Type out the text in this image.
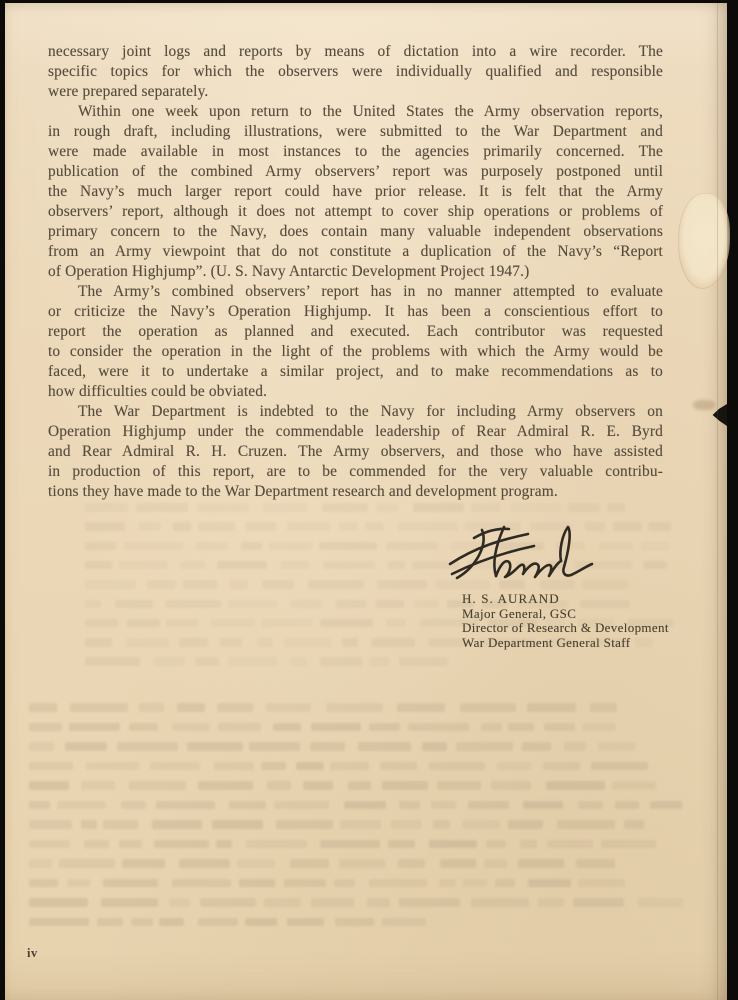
necessary joint logs and reports by means of dictation into a wire recorder. The
specific topics for which the observers were individually qualified and responsible
were prepared separately.
Within one week upon return to the United States the Army observation reports,
in rough draft, including illustrations, were submitted to the War Department and
were made available in most instances to the agencies primarily concerned. The
publication of the combined Army observers’ report was purposely postponed until
the Navy’s much larger report could have prior release. It is felt that the Army
observers’ report, although it does not attempt to cover ship operations or problems of
primary concern to the Navy, does contain many valuable independent observations
from an Army viewpoint that do not constitute a duplication of the Navy’s “Report
of Operation Highjump”. (U. S. Navy Antarctic Development Project 1947.)
The Army’s combined observers’ report has in no manner attempted to evaluate
or criticize the Navy’s Operation Highjump. It has been a conscientious effort to
report the operation as planned and executed. Each contributor was requested
to consider the operation in the light of the problems with which the Army would be
faced, were it to undertake a similar project, and to make recommendations as to
how difficulties could be obviated.
The War Department is indebted to the Navy for including Army observers on
Operation Highjump under the commendable leadership of Rear Admiral R. E. Byrd
and Rear Admiral R. H. Cruzen. The Army observers, and those who have assisted
in production of this report, are to be commended for the very valuable contribu-
tions they have made to the War Department research and development program.
H. S. AURAND
Major General, GSC
Director of Research & Development
War Department General Staff
iv
